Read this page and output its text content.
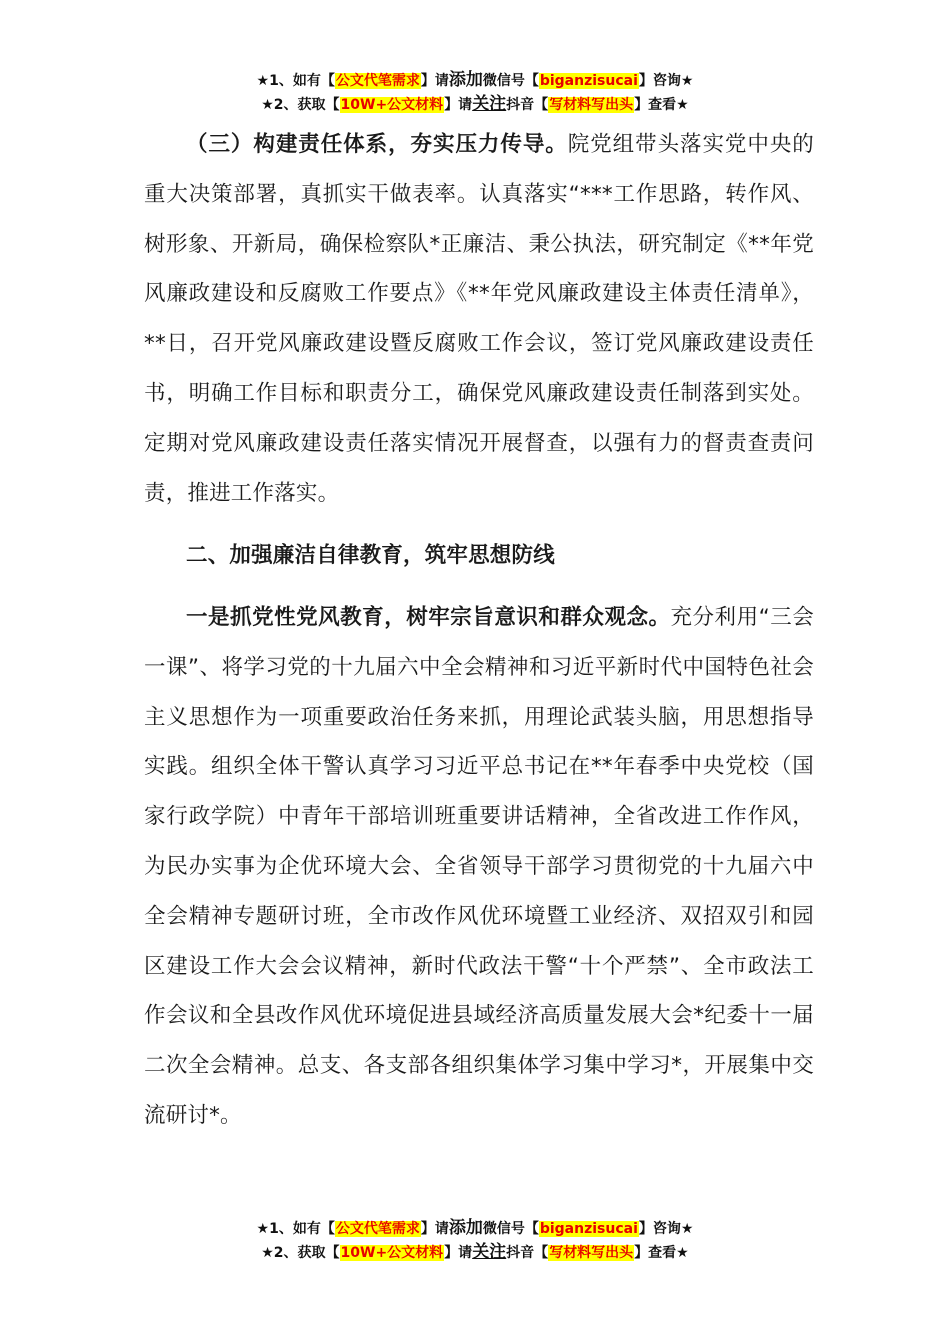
★1、如有【公文代笔需求】请添加微信号【biganzisucai】咨询★
★2、获取【10W+公文材料】请关注抖音【写材料写出头】查看★

（三）构建责任体系，夯实压力传导。院党组带头落实党中央的重大决策部署，真抓实干做表率。认真落实“***工作思路，转作风、树形象、开新局，确保检察队*正廉洁、秉公执法，研究制定《**年党风廉政建设和反腐败工作要点》《**年党风廉政建设主体责任清单》，**日，召开党风廉政建设暨反腐败工作会议，签订党风廉政建设责任书，明确工作目标和职责分工，确保党风廉政建设责任制落到实处。定期对党风廉政建设责任落实情况开展督查，以强有力的督责查责问责，推进工作落实。

二、加强廉洁自律教育，筑牢思想防线

一是抓党性党风教育，树牢宗旨意识和群众观念。充分利用“三会一课”、将学习党的十九届六中全会精神和习近平新时代中国特色社会主义思想作为一项重要政治任务来抓，用理论武装头脑，用思想指导实践。组织全体干警认真学习习近平总书记在**年春季中央党校（国家行政学院）中青年干部培训班重要讲话精神，全省改进工作作风，为民办实事为企优环境大会、全省领导干部学习贯彻党的十九届六中全会精神专题研讨班，全市改作风优环境暨工业经济、双招双引和园区建设工作大会会议精神，新时代政法干警“十个严禁”、全市政法工作会议和全县改作风优环境促进县域经济高质量发展大会*纪委十一届二次全会精神。总支、各支部各组织集体学习集中学习*，开展集中交流研讨*。

★1、如有【公文代笔需求】请添加微信号【biganzisucai】咨询★
★2、获取【10W+公文材料】请关注抖音【写材料写出头】查看★
